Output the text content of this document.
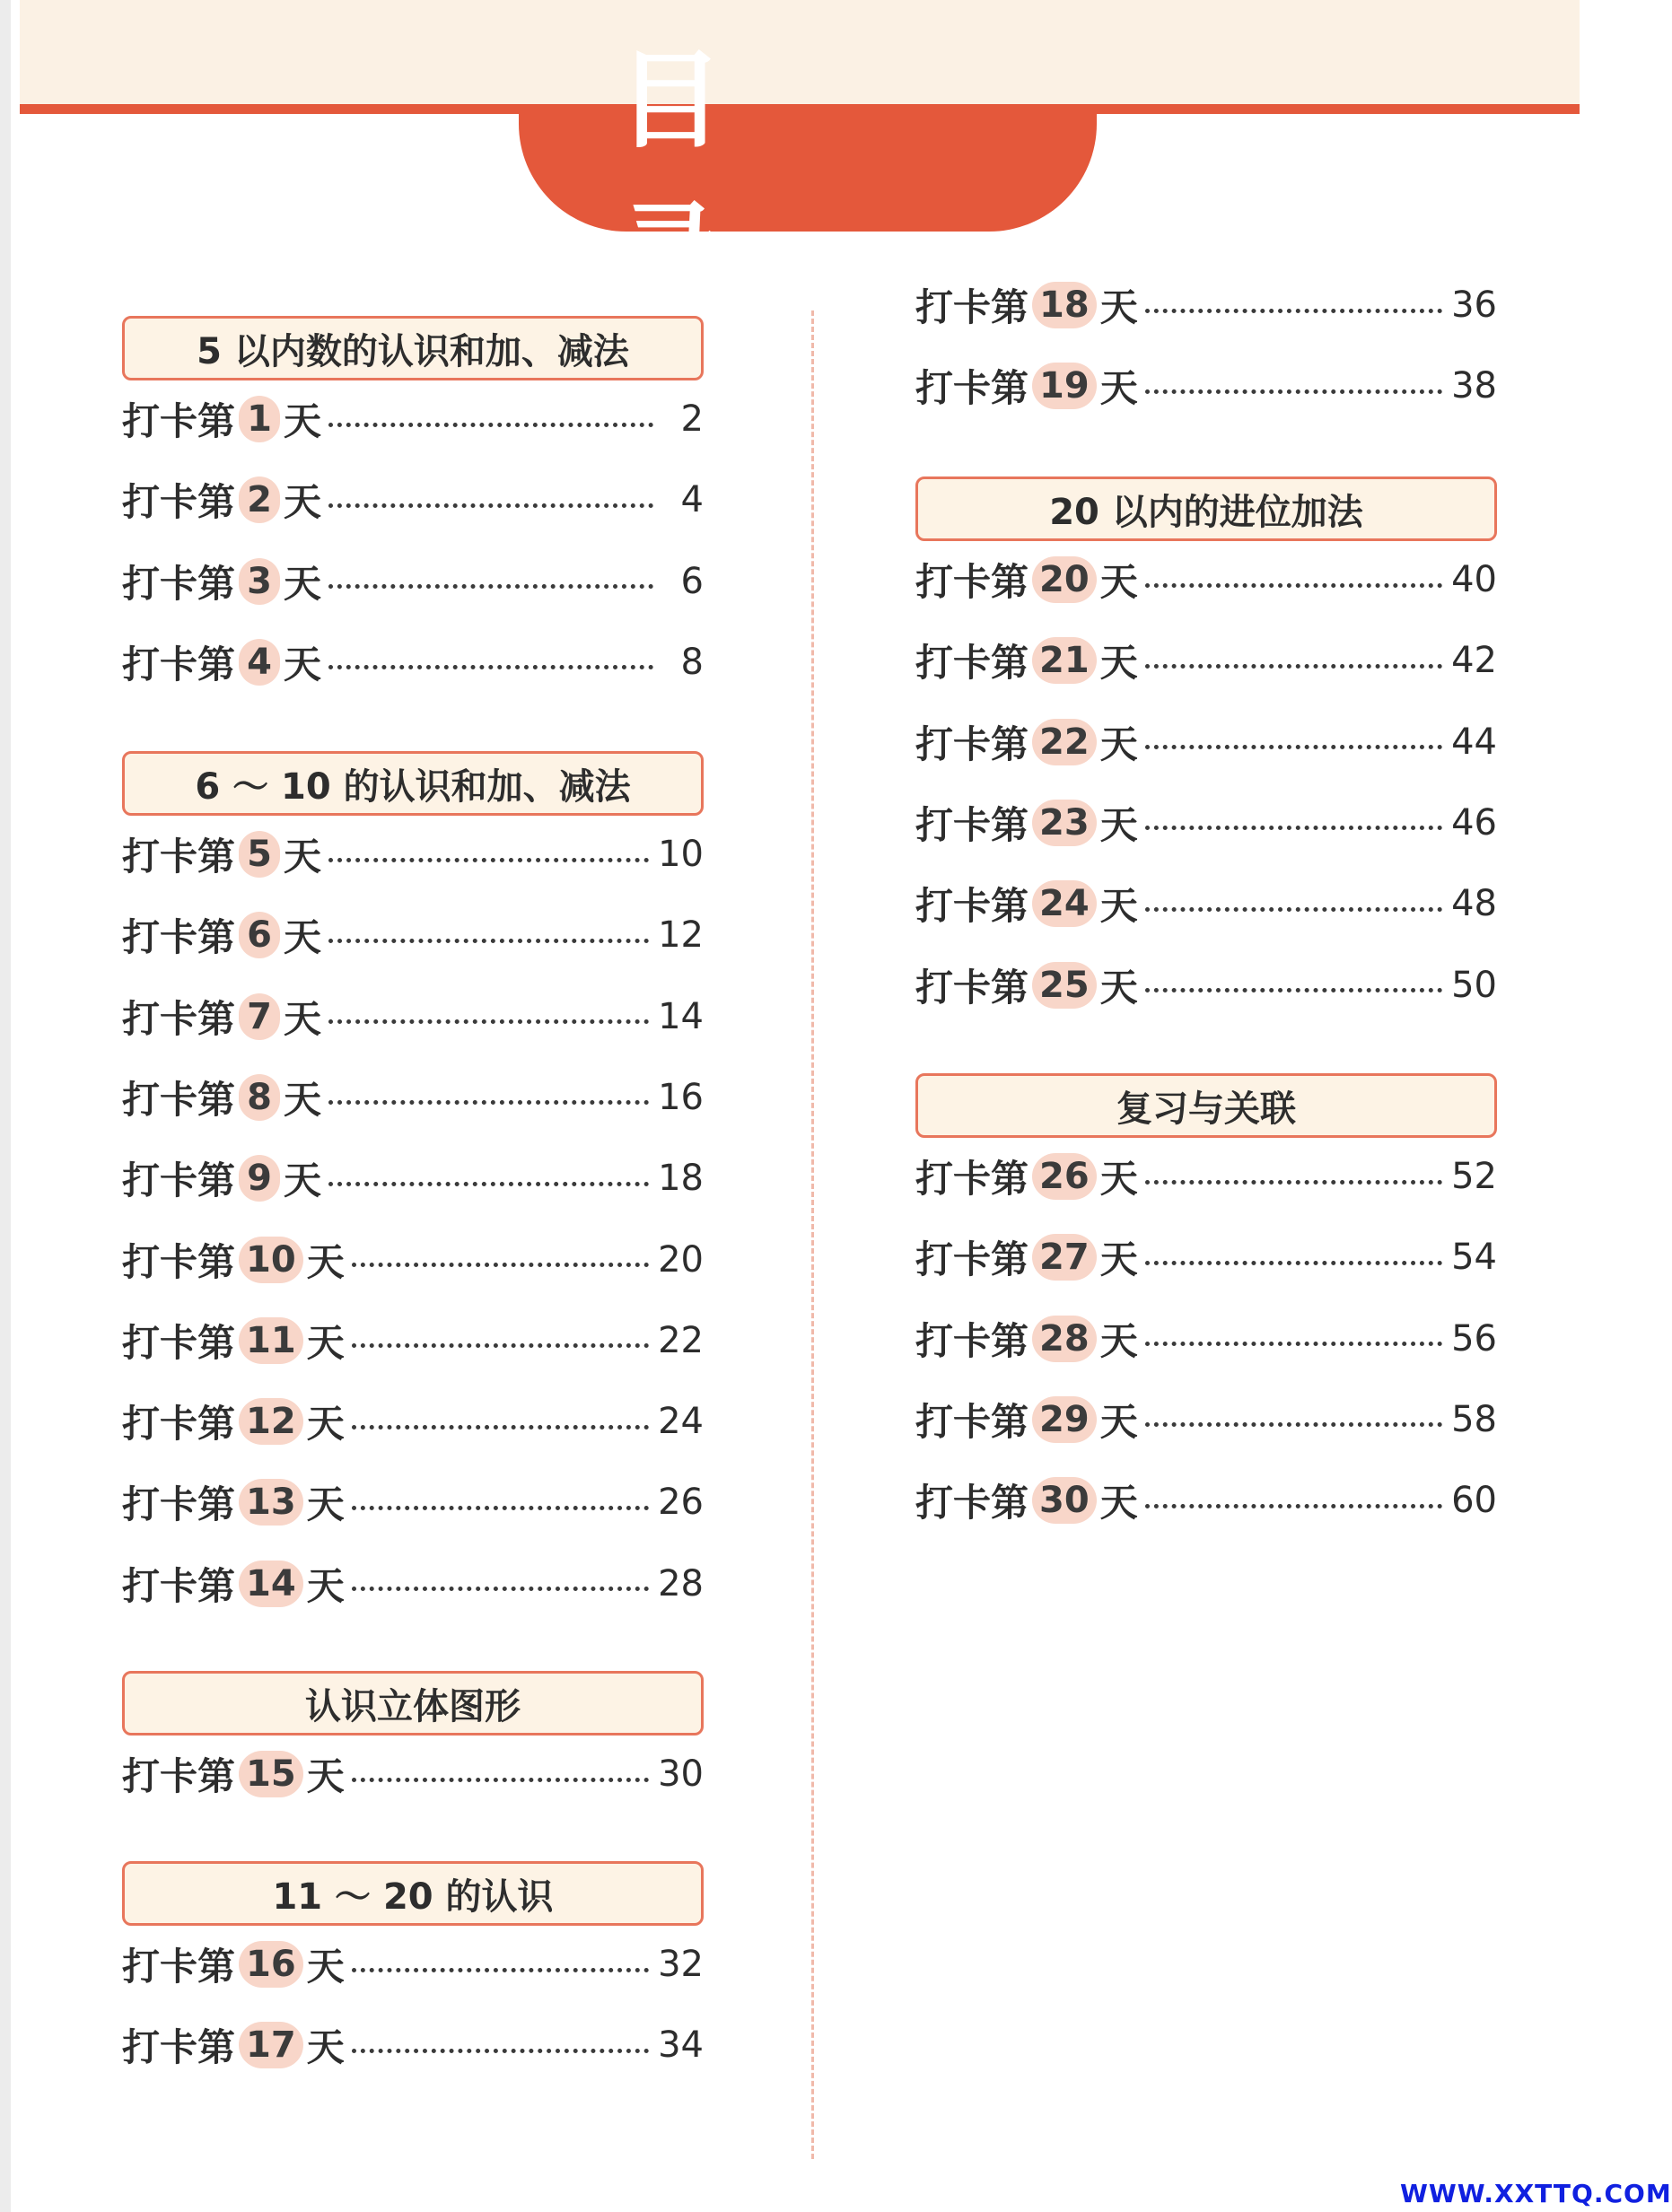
录
5 以内数的认识和加、减法
打卡第 1 天	2
打卡第 2 天	4
打卡第 3 天	6
打卡第 4 天	8
6 ～ 10 的认识和加、减法
打卡第 5 天	10
打卡第 6 天	12
打卡第 7 天	14
打卡第 8 天	16
打卡第 9 天	18
打卡第 10 天	20
打卡第 11 天	22
打卡第 12 天	24
打卡第 13 天	26
打卡第 14 天	28
认识立体图形
打卡第 15 天	30
11 ～ 20 的认识
打卡第 16 天	32
打卡第 17 天	34
打卡第 18 天	36
打卡第 19 天	38
20 以内的进位加法
打卡第 20 天	40
打卡第 21 天	42
打卡第 22 天	44
打卡第 23 天	46
打卡第 24 天	48
打卡第 25 天	50
复习与关联
打卡第 26 天	52
打卡第 27 天	54
打卡第 28 天	56
打卡第 29 天	58
打卡第 30 天	60
WWW.XXTTQ.COM
